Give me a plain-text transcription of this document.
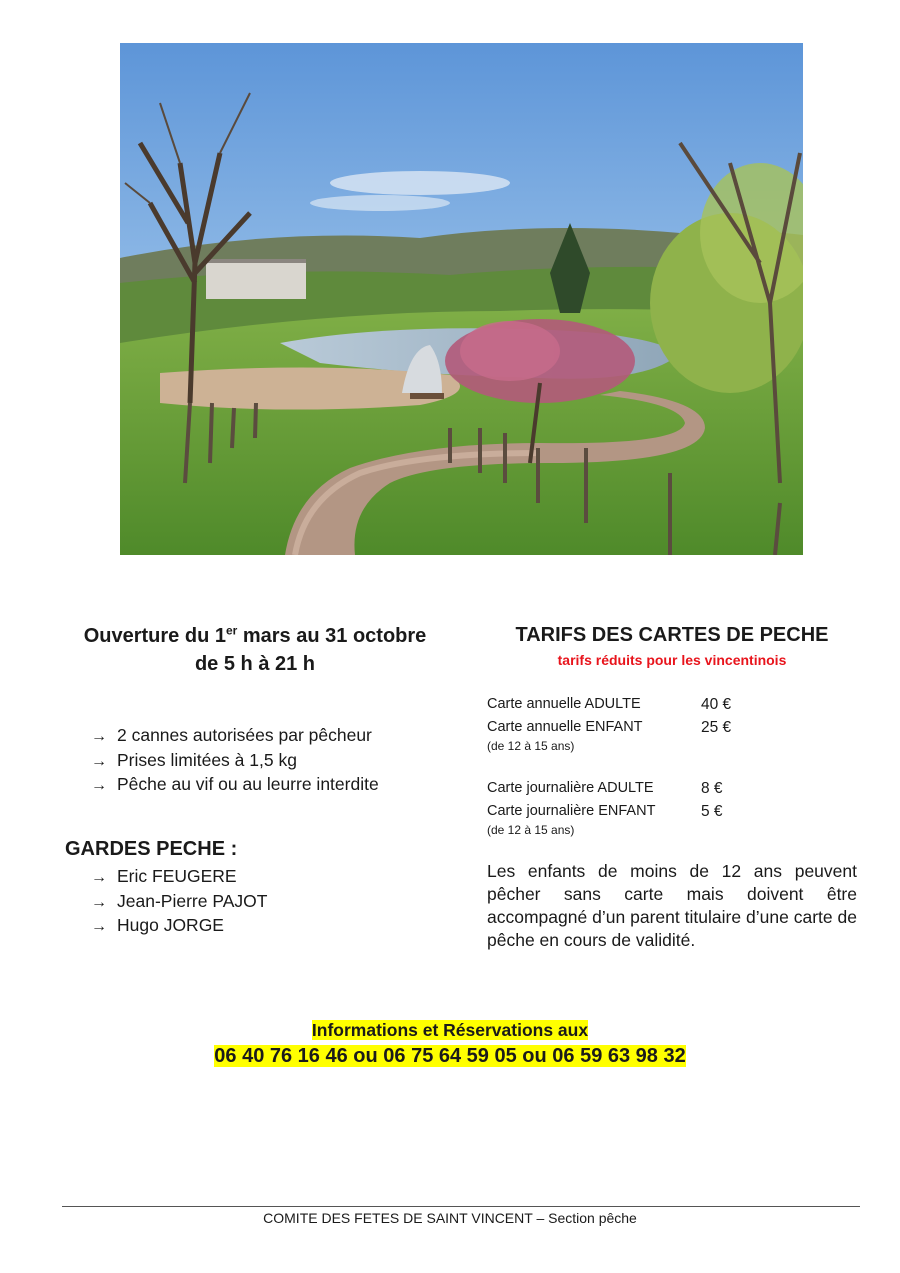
Ouverture du 1er mars au 31 octobre
de 5 h à 21 h
→ 2 cannes autorisées par pêcheur
→ Prises limitées à 1,5 kg
→ Pêche au vif ou au leurre interdite
GARDES PECHE :
→ Eric FEUGERE
→ Jean-Pierre PAJOT
→ Hugo JORGE
TARIFS DES CARTES DE PECHE
tarifs réduits pour les vincentinois
Carte annuelle ADULTE	40 €
Carte annuelle ENFANT	25 €
(de 12 à 15 ans)
Carte journalière ADULTE	8 €
Carte journalière ENFANT	5 €
(de 12 à 15 ans)
Les enfants de moins de 12 ans peuvent pêcher sans carte mais doivent être accompagné d’un parent titulaire d’une carte de pêche en cours de validité.
Informations et Réservations aux
06 40 76 16 46 ou 06 75 64 59 05 ou 06 59 63 98 32
COMITE DES FETES DE SAINT VINCENT – Section pêche
